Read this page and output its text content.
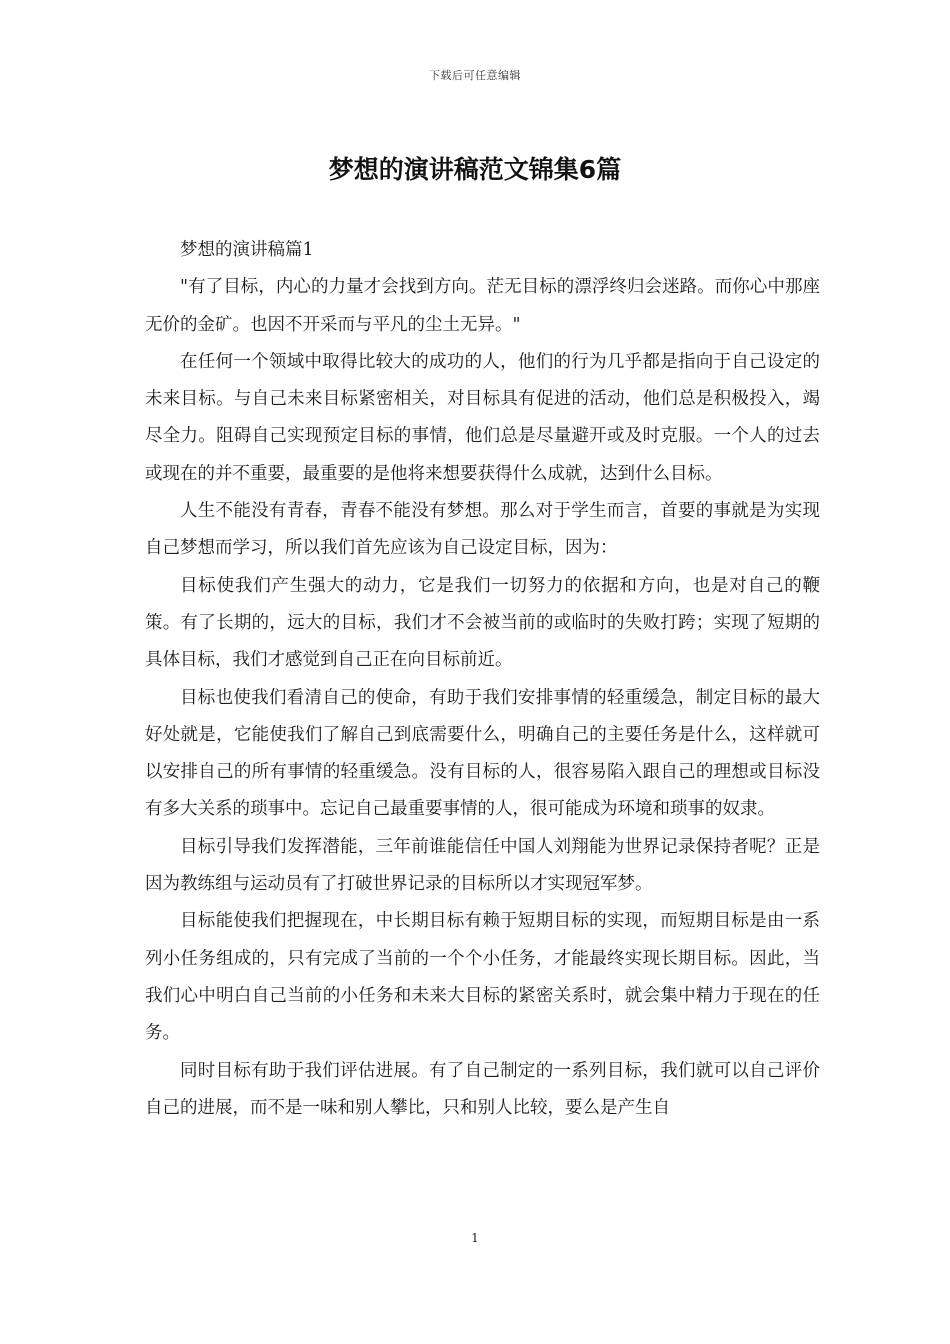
下载后可任意编辑
梦想的演讲稿范文锦集6篇

梦想的演讲稿篇1

"有了目标，内心的力量才会找到方向。茫无目标的漂浮终归会迷路。而你心中那座无价的金矿。也因不开采而与平凡的尘土无异。"

在任何一个领域中取得比较大的成功的人，他们的行为几乎都是指向于自己设定的未来目标。与自己未来目标紧密相关，对目标具有促进的活动，他们总是积极投入，竭尽全力。阻碍自己实现预定目标的事情，他们总是尽量避开或及时克服。一个人的过去或现在的并不重要，最重要的是他将来想要获得什么成就，达到什么目标。

人生不能没有青春，青春不能没有梦想。那么对于学生而言，首要的事就是为实现自己梦想而学习，所以我们首先应该为自己设定目标，因为：

目标使我们产生强大的动力，它是我们一切努力的依据和方向，也是对自己的鞭策。有了长期的，远大的目标，我们才不会被当前的或临时的失败打跨；实现了短期的具体目标，我们才感觉到自己正在向目标前近。

目标也使我们看清自己的使命，有助于我们安排事情的轻重缓急，制定目标的最大好处就是，它能使我们了解自己到底需要什么，明确自己的主要任务是什么，这样就可以安排自己的所有事情的轻重缓急。没有目标的人，很容易陷入跟自己的理想或目标没有多大关系的琐事中。忘记自己最重要事情的人，很可能成为环境和琐事的奴隶。

目标引导我们发挥潜能，三年前谁能信任中国人刘翔能为世界记录保持者呢？正是因为教练组与运动员有了打破世界记录的目标所以才实现冠军梦。

目标能使我们把握现在，中长期目标有赖于短期目标的实现，而短期目标是由一系列小任务组成的，只有完成了当前的一个个小任务，才能最终实现长期目标。因此，当我们心中明白自己当前的小任务和未来大目标的紧密关系时，就会集中精力于现在的任务。

同时目标有助于我们评估进展。有了自己制定的一系列目标，我们就可以自己评价自己的进展，而不是一味和别人攀比，只和别人比较，要么是产生自

1
